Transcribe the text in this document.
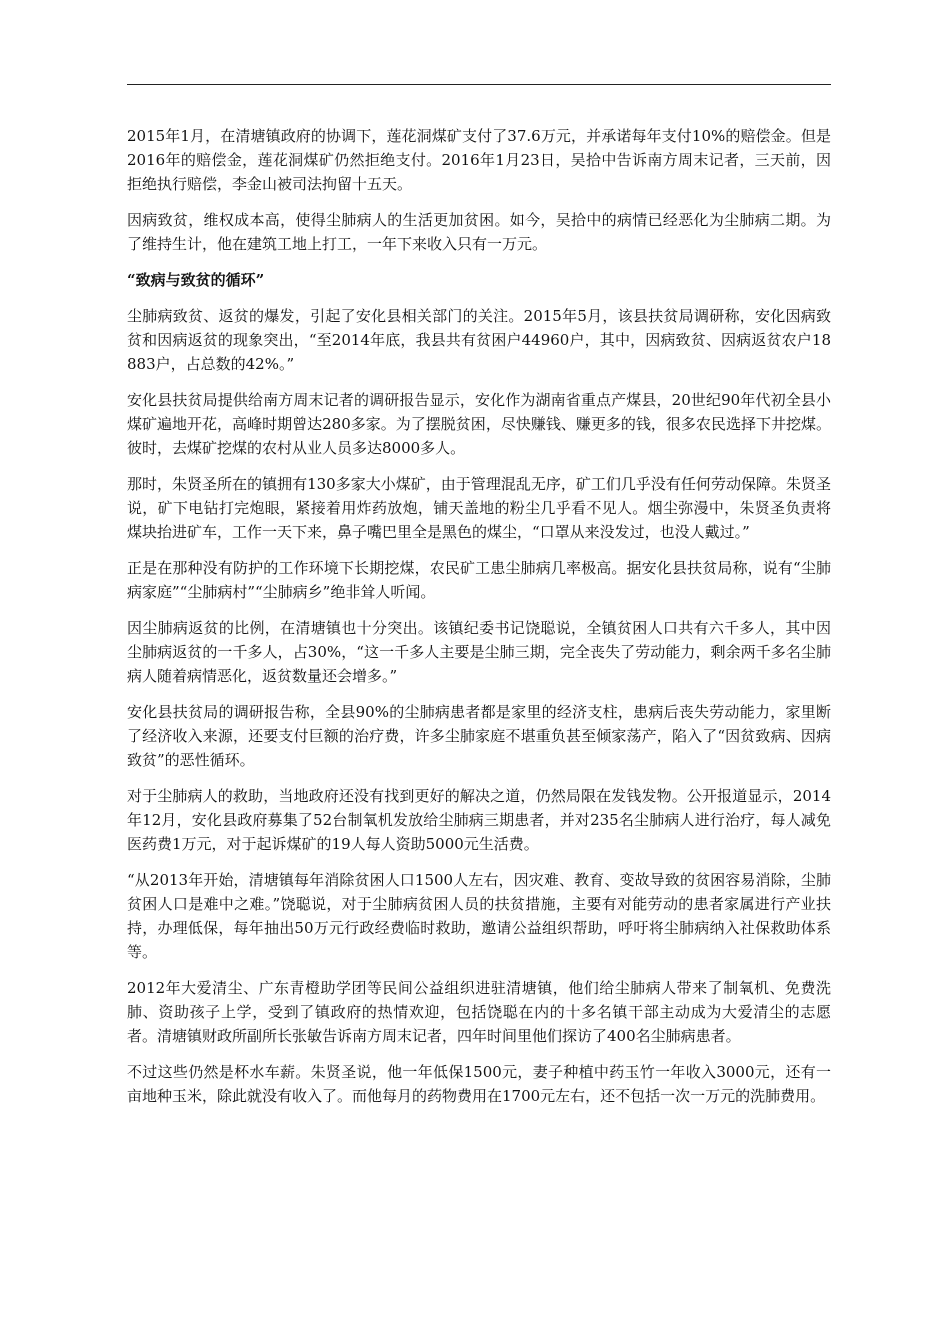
2015年1月，在清塘镇政府的协调下，莲花洞煤矿支付了37.6万元，并承诺每年支付10%的赔偿金。但是2016年的赔偿金，莲花洞煤矿仍然拒绝支付。2016年1月23日，吴拾中告诉南方周末记者，三天前，因拒绝执行赔偿，李金山被司法拘留十五天。

因病致贫，维权成本高，使得尘肺病人的生活更加贫困。如今，吴拾中的病情已经恶化为尘肺病二期。为了维持生计，他在建筑工地上打工，一年下来收入只有一万元。

“致病与致贫的循环”

尘肺病致贫、返贫的爆发，引起了安化县相关部门的关注。2015年5月，该县扶贫局调研称，安化因病致贫和因病返贫的现象突出，“至2014年底，我县共有贫困户44960户，其中，因病致贫、因病返贫农户18883户，占总数的42%。”

安化县扶贫局提供给南方周末记者的调研报告显示，安化作为湖南省重点产煤县，20世纪90年代初全县小煤矿遍地开花，高峰时期曾达280多家。为了摆脱贫困，尽快赚钱、赚更多的钱，很多农民选择下井挖煤。彼时，去煤矿挖煤的农村从业人员多达8000多人。

那时，朱贤圣所在的镇拥有130多家大小煤矿，由于管理混乱无序，矿工们几乎没有任何劳动保障。朱贤圣说，矿下电钻打完炮眼，紧接着用炸药放炮，铺天盖地的粉尘几乎看不见人。烟尘弥漫中，朱贤圣负责将煤块抬进矿车，工作一天下来，鼻子嘴巴里全是黑色的煤尘，“口罩从来没发过，也没人戴过。”

正是在那种没有防护的工作环境下长期挖煤，农民矿工患尘肺病几率极高。据安化县扶贫局称，说有“尘肺病家庭”“尘肺病村”“尘肺病乡”绝非耸人听闻。

因尘肺病返贫的比例，在清塘镇也十分突出。该镇纪委书记饶聪说，全镇贫困人口共有六千多人，其中因尘肺病返贫的一千多人，占30%，“这一千多人主要是尘肺三期，完全丧失了劳动能力，剩余两千多名尘肺病人随着病情恶化，返贫数量还会增多。”

安化县扶贫局的调研报告称，全县90%的尘肺病患者都是家里的经济支柱，患病后丧失劳动能力，家里断了经济收入来源，还要支付巨额的治疗费，许多尘肺家庭不堪重负甚至倾家荡产，陷入了“因贫致病、因病致贫”的恶性循环。

对于尘肺病人的救助，当地政府还没有找到更好的解决之道，仍然局限在发钱发物。公开报道显示，2014年12月，安化县政府募集了52台制氧机发放给尘肺病三期患者，并对235名尘肺病人进行治疗，每人减免医药费1万元，对于起诉煤矿的19人每人资助5000元生活费。

“从2013年开始，清塘镇每年消除贫困人口1500人左右，因灾难、教育、变故导致的贫困容易消除，尘肺贫困人口是难中之难。”饶聪说，对于尘肺病贫困人员的扶贫措施，主要有对能劳动的患者家属进行产业扶持，办理低保，每年抽出50万元行政经费临时救助，邀请公益组织帮助，呼吁将尘肺病纳入社保救助体系等。

2012年大爱清尘、广东青橙助学团等民间公益组织进驻清塘镇，他们给尘肺病人带来了制氧机、免费洗肺、资助孩子上学，受到了镇政府的热情欢迎，包括饶聪在内的十多名镇干部主动成为大爱清尘的志愿者。清塘镇财政所副所长张敏告诉南方周末记者，四年时间里他们探访了400名尘肺病患者。

不过这些仍然是杯水车薪。朱贤圣说，他一年低保1500元，妻子种植中药玉竹一年收入3000元，还有一亩地种玉米，除此就没有收入了。而他每月的药物费用在1700元左右，还不包括一次一万元的洗肺费用。
